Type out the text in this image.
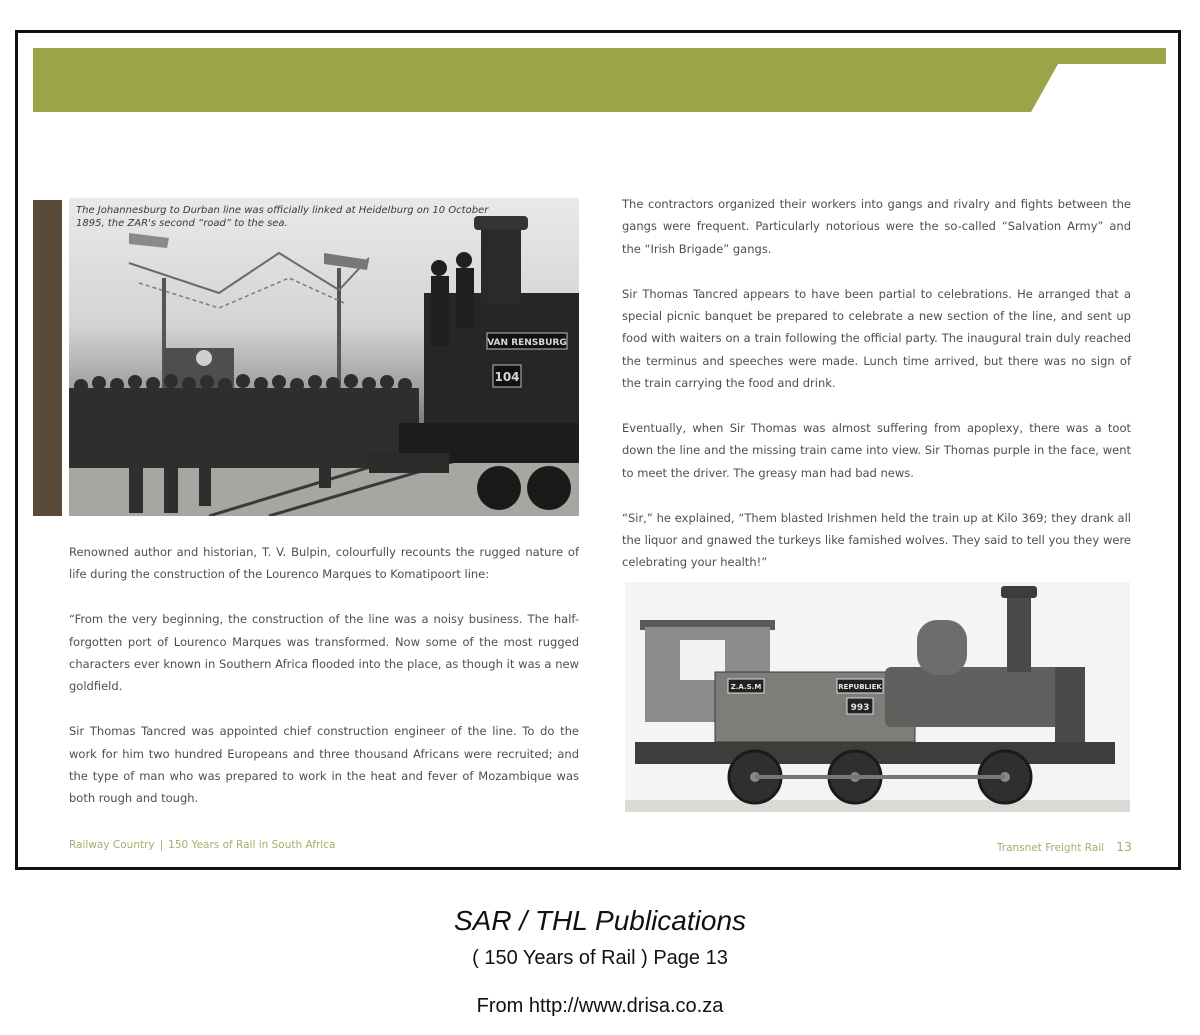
VAN RENSBURG
104
The Johannesburg to Durban line was officially linked at Heidelburg on 10 October 1895, the ZAR's second “road” to the sea.

Renowned author and historian, T. V. Bulpin, colourfully recounts the rugged nature of life during the construction of the Lourenco Marques to Komatipoort line:

“From the very beginning, the construction of the line was a noisy business. The half-forgotten port of Lourenco Marques was transformed. Now some of the most rugged characters ever known in Southern Africa flooded into the place, as though it was a new goldfield.

Sir Thomas Tancred was appointed chief construction engineer of the line. To do the work for him two hundred Europeans and three thousand Africans were recruited; and the type of man who was prepared to work in the heat and fever of Mozambique was both rough and tough.

The contractors organized their workers into gangs and rivalry and fights between the gangs were frequent. Particularly notorious were the so-called “Salvation Army” and the “Irish Brigade” gangs.

Sir Thomas Tancred appears to have been partial to celebrations. He arranged that a special picnic banquet be prepared to celebrate a new section of the line, and sent up food with waiters on a train following the official party. The inaugural train duly reached the terminus and speeches were made. Lunch time arrived, but there was no sign of the train carrying the food and drink.

Eventually, when Sir Thomas was almost suffering from apoplexy, there was a toot down the line and the missing train came into view. Sir Thomas purple in the face, went to meet the driver. The greasy man had bad news.

“Sir,” he explained, “Them blasted Irishmen held the train up at Kilo 369; they drank all the liquor and gnawed the turkeys like famished wolves. They said to tell you they were celebrating your health!”

Z.A.S.M	REPUBLIEK
993
Railway Country | 150 Years of Rail in South Africa	Transnet Freight Rail 13
SAR / THL Publications
( 150 Years of Rail ) Page 13
From http://www.drisa.co.za
